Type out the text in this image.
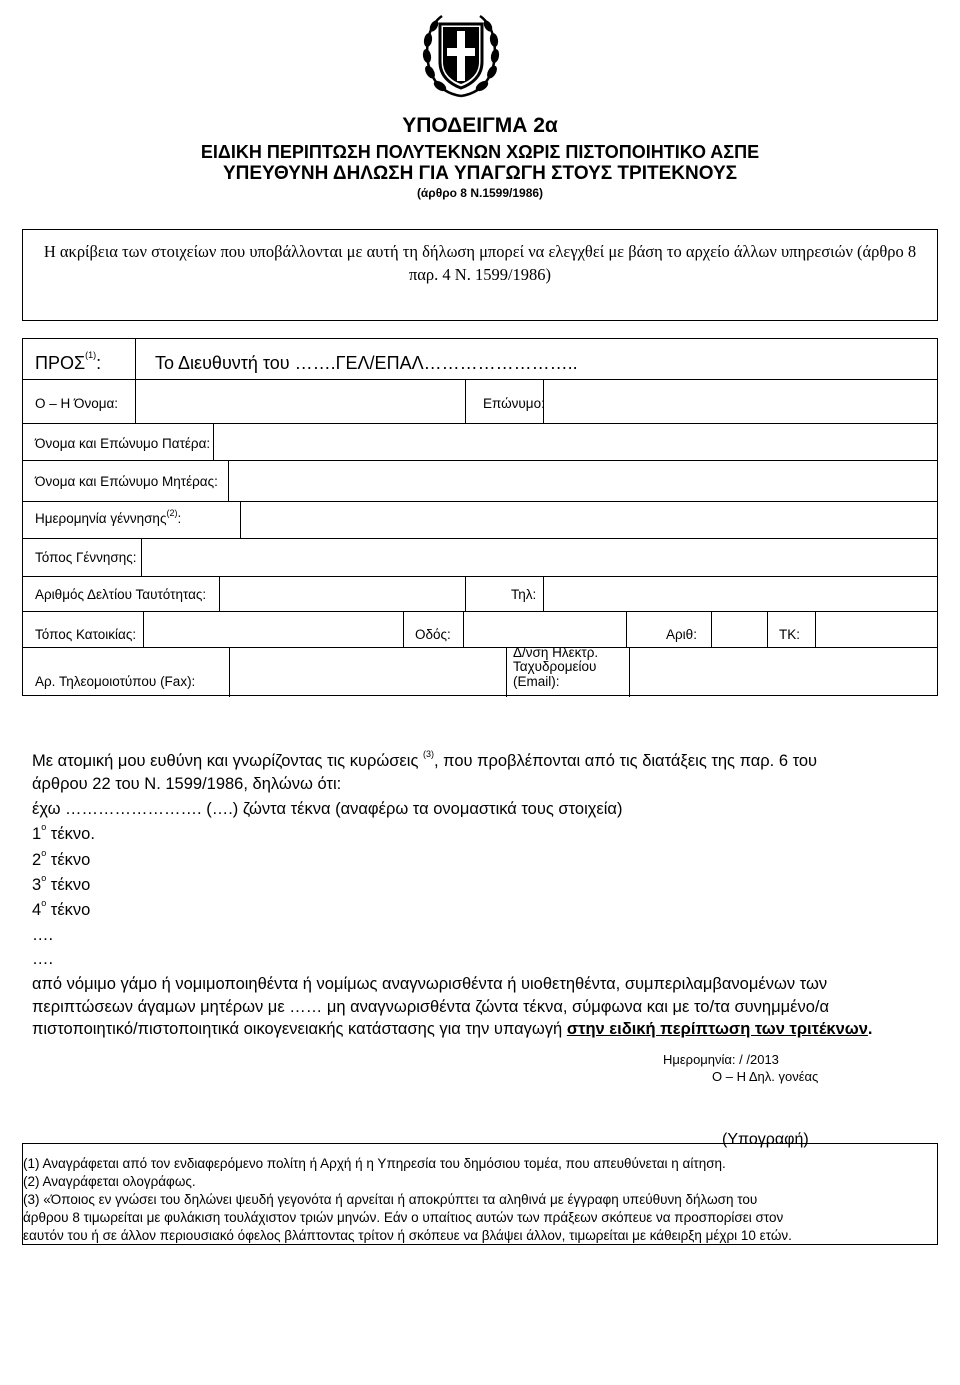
ΥΠΟΔΕΙΓΜΑ 2α
ΕΙΔΙΚΗ ΠΕΡΙΠΤΩΣΗ ΠΟΛΥΤΕΚΝΩΝ ΧΩΡΙΣ ΠΙΣΤΟΠΟΙΗΤΙΚΟ ΑΣΠΕ
ΥΠΕΥΘΥΝΗ ΔΗΛΩΣΗ ΓΙΑ ΥΠΑΓΩΓΗ ΣΤΟΥΣ ΤΡΙΤΕΚΝΟΥΣ
(άρθρο 8 Ν.1599/1986)
Η ακρίβεια των στοιχείων που υποβάλλονται με αυτή τη δήλωση μπορεί να ελεγχθεί με βάση το αρχείο άλλων υπηρεσιών (άρθρο 8 παρ. 4 Ν. 1599/1986)
ΠΡΟΣ$^{(1)}$:	Το Διευθυντή του …….ΓΕΛ/ΕΠΑΛ……………………..
Ο – Η Όνομα:	Επώνυμο:
Όνομα και Επώνυμο Πατέρα:
Όνομα και Επώνυμο Μητέρας:
Ημερομηνία γέννησης$^{(2)}$:
Τόπος Γέννησης:
Αριθμός Δελτίου Ταυτότητας:	Τηλ:
Τόπος Κατοικίας:	Οδός:	Αριθ:	ΤΚ:
Αρ. Τηλεομοιοτύπου (Fax):
Δ/νση Ηλεκτρ.
Ταχυδρομείου
(Email):
Με ατομική μου ευθύνη και γνωρίζοντας τις κυρώσεις $^{(3)}$, που προβλέπονται από τις διατάξεις της παρ. 6 του
άρθρου 22 του Ν. 1599/1986, δηλώνω ότι:
έχω ……………………. (….) ζώντα τέκνα (αναφέρω τα ονομαστικά τους στοιχεία)
$1^o$ τέκνο.
$2^o$ τέκνο
$3^o$ τέκνο
$4^o$ τέκνο
….
….
από νόμιμο γάμο ή νομιμοποιηθέντα ή νομίμως αναγνωρισθέντα ή υιοθετηθέντα, συμπεριλαμβανομένων των
περιπτώσεων άγαμων μητέρων με …… μη αναγνωρισθέντα ζώντα τέκνα, σύμφωνα και με το/τα συνημμένο/α
πιστοποιητικό/πιστοποιητικά οικογενειακής κατάστασης για την υπαγωγή στην ειδική περίπτωση των τριτέκνων.
Ημερομηνία: / /2013
Ο – Η Δηλ. γονέας
(Υπογραφή)
(1) Αναγράφεται από τον ενδιαφερόμενο πολίτη ή Αρχή ή η Υπηρεσία του δημόσιου τομέα, που απευθύνεται η αίτηση.
(2) Αναγράφεται ολογράφως.
(3) «Όποιος εν γνώσει του δηλώνει ψευδή γεγονότα ή αρνείται ή αποκρύπτει τα αληθινά με έγγραφη υπεύθυνη δήλωση του
άρθρου 8 τιμωρείται με φυλάκιση τουλάχιστον τριών μηνών. Εάν ο υπαίτιος αυτών των πράξεων σκόπευε να προσπορίσει στον
εαυτόν του ή σε άλλον περιουσιακό όφελος βλάπτοντας τρίτον ή σκόπευε να βλάψει άλλον, τιμωρείται με κάθειρξη μέχρι 10 ετών.
